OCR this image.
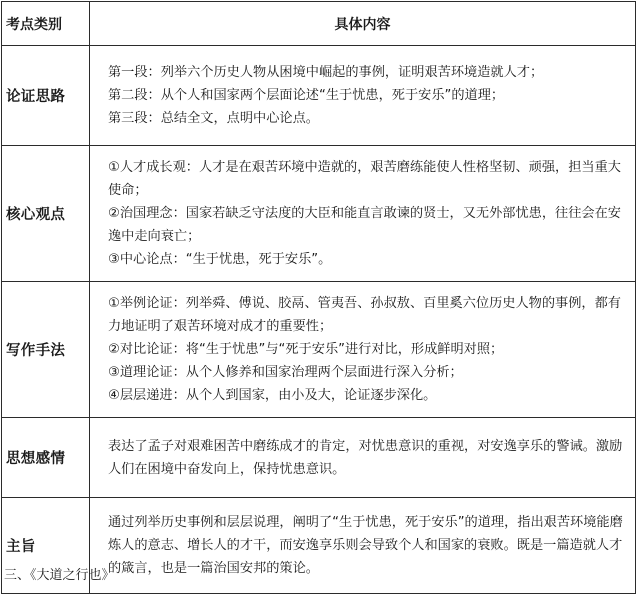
考点类别	具体内容
论证思路	第一段：列举六个历史人物从困境中崛起的事例，证明艰苦环境造就人才；

第二段：从个人和国家两个层面论述“生于忧患，死于安乐”的道理；

第三段：总结全文，点明中心论点。

核心观点	①人才成长观：人才是在艰苦环境中造就的，艰苦磨练能使人性格坚韧、顽强，担当重大使命；

②治国理念：国家若缺乏守法度的大臣和能直言敢谏的贤士，又无外部忧患，往往会在安逸中走向衰亡；

③中心论点：“生于忧患，死于安乐”。

写作手法	①举例论证：列举舜、傅说、胶鬲、管夷吾、孙叔敖、百里奚六位历史人物的事例，都有力地证明了艰苦环境对成才的重要性；

②对比论证：将“生于忧患”与“死于安乐”进行对比，形成鲜明对照；

③道理论证：从个人修养和国家治理两个层面进行深入分析；

④层层递进：从个人到国家，由小及大，论证逐步深化。

思想感情	表达了孟子对艰难困苦中磨练成才的肯定，对忧患意识的重视，对安逸享乐的警诫。激励人们在困境中奋发向上，保持忧患意识。

主旨	通过列举历史事例和层层说理，阐明了“生于忧患，死于安乐”的道理，指出艰苦环境能磨炼人的意志、增长人的才干，而安逸享乐则会导致个人和国家的衰败。既是一篇造就人才的箴言，也是一篇治国安邦的策论。

三、《大道之行也》
